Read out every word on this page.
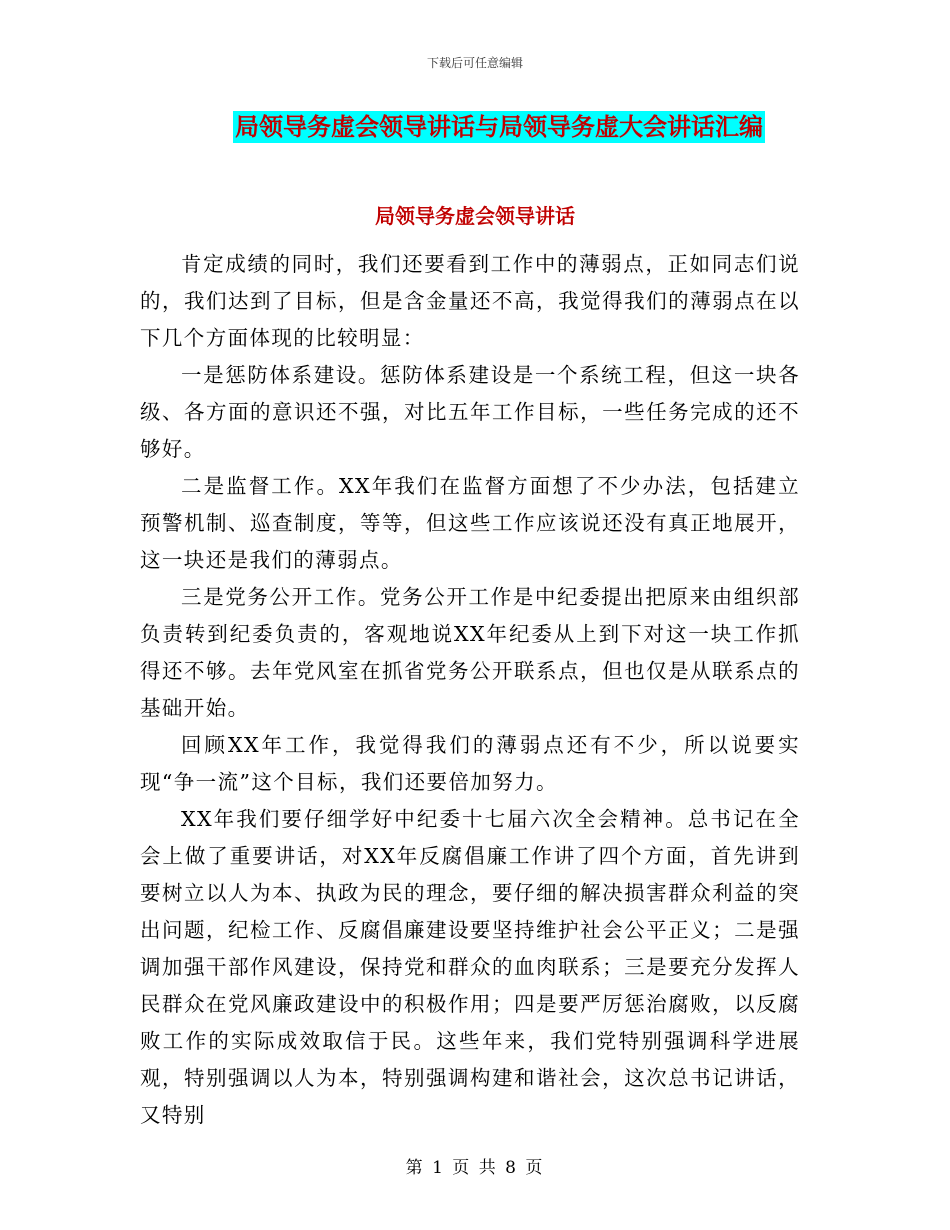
下载后可任意编辑
局领导务虚会领导讲话与局领导务虚大会讲话汇编
局领导务虚会领导讲话

肯定成绩的同时，我们还要看到工作中的薄弱点，正如同志们说的，我们达到了目标，但是含金量还不高，我觉得我们的薄弱点在以下几个方面体现的比较明显：

一是惩防体系建设。惩防体系建设是一个系统工程，但这一块各级、各方面的意识还不强，对比五年工作目标，一些任务完成的还不够好。

二是监督工作。XX年我们在监督方面想了不少办法，包括建立预警机制、巡查制度，等等，但这些工作应该说还没有真正地展开，这一块还是我们的薄弱点。

三是党务公开工作。党务公开工作是中纪委提出把原来由组织部负责转到纪委负责的，客观地说XX年纪委从上到下对这一块工作抓得还不够。去年党风室在抓省党务公开联系点，但也仅是从联系点的基础开始。

回顾XX年工作，我觉得我们的薄弱点还有不少，所以说要实现“争一流”这个目标，我们还要倍加努力。

XX年我们要仔细学好中纪委十七届六次全会精神。总书记在全会上做了重要讲话，对XX年反腐倡廉工作讲了四个方面，首先讲到要树立以人为本、执政为民的理念，要仔细的解决损害群众利益的突出问题，纪检工作、反腐倡廉建设要坚持维护社会公平正义；二是强调加强干部作风建设，保持党和群众的血肉联系；三是要充分发挥人民群众在党风廉政建设中的积极作用；四是要严厉惩治腐败，以反腐败工作的实际成效取信于民。这些年来，我们党特别强调科学进展观，特别强调以人为本，特别强调构建和谐社会，这次总书记讲话，又特别

第 1 页 共 8 页
